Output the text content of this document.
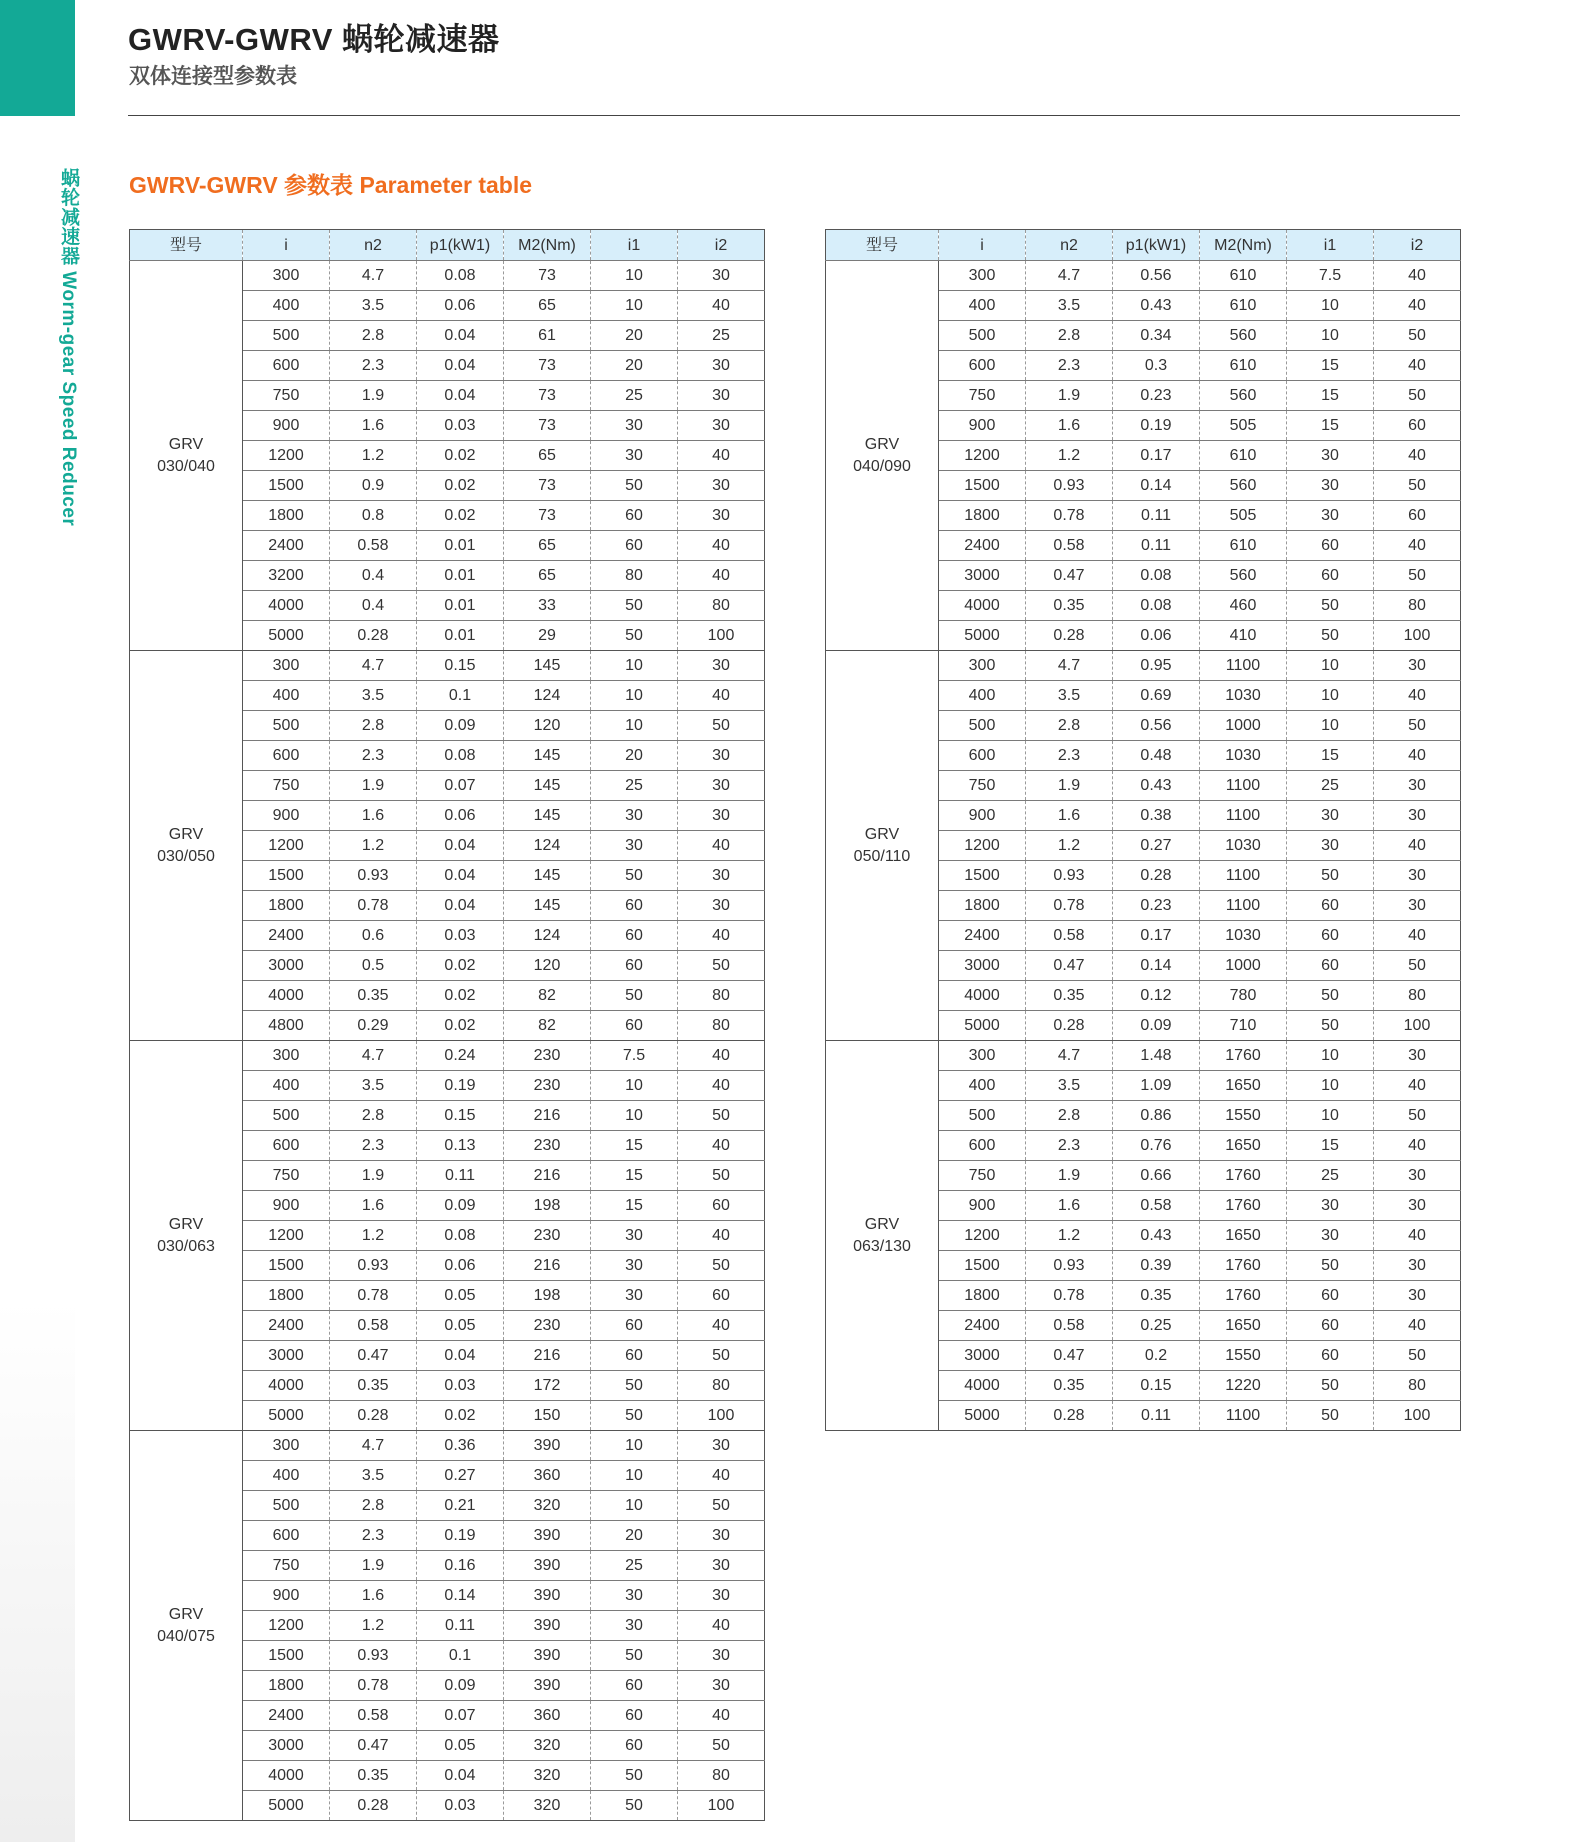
蜗轮减速器 Worm-gear Speed Reducer
GWRV-GWRV 蜗轮减速器
双体连接型参数表
GWRV-GWRV 参数表 Parameter table
型号	i	n2	p1(kW1)	M2(Nm)	i1	i2

GRV
030/040	300	4.7	0.08	73	10	30
	400	3.5	0.06	65	10	40
	500	2.8	0.04	61	20	25
	600	2.3	0.04	73	20	30
	750	1.9	0.04	73	25	30
	900	1.6	0.03	73	30	30
	1200	1.2	0.02	65	30	40
	1500	0.9	0.02	73	50	30
	1800	0.8	0.02	73	60	30
	2400	0.58	0.01	65	60	40
	3200	0.4	0.01	65	80	40
	4000	0.4	0.01	33	50	80
	5000	0.28	0.01	29	50	100

GRV
030/050	300	4.7	0.15	145	10	30
	400	3.5	0.1	124	10	40
	500	2.8	0.09	120	10	50
	600	2.3	0.08	145	20	30
	750	1.9	0.07	145	25	30
	900	1.6	0.06	145	30	30
	1200	1.2	0.04	124	30	40
	1500	0.93	0.04	145	50	30
	1800	0.78	0.04	145	60	30
	2400	0.6	0.03	124	60	40
	3000	0.5	0.02	120	60	50
	4000	0.35	0.02	82	50	80
	4800	0.29	0.02	82	60	80

GRV
030/063	300	4.7	0.24	230	7.5	40
	400	3.5	0.19	230	10	40
	500	2.8	0.15	216	10	50
	600	2.3	0.13	230	15	40
	750	1.9	0.11	216	15	50
	900	1.6	0.09	198	15	60
	1200	1.2	0.08	230	30	40
	1500	0.93	0.06	216	30	50
	1800	0.78	0.05	198	30	60
	2400	0.58	0.05	230	60	40
	3000	0.47	0.04	216	60	50
	4000	0.35	0.03	172	50	80
	5000	0.28	0.02	150	50	100

GRV
040/075	300	4.7	0.36	390	10	30
	400	3.5	0.27	360	10	40
	500	2.8	0.21	320	10	50
	600	2.3	0.19	390	20	30
	750	1.9	0.16	390	25	30
	900	1.6	0.14	390	30	30
	1200	1.2	0.11	390	30	40
	1500	0.93	0.1	390	50	30
	1800	0.78	0.09	390	60	30
	2400	0.58	0.07	360	60	40
	3000	0.47	0.05	320	60	50
	4000	0.35	0.04	320	50	80
	5000	0.28	0.03	320	50	100
型号	i	n2	p1(kW1)	M2(Nm)	i1	i2

GRV
040/090	300	4.7	0.56	610	7.5	40
	400	3.5	0.43	610	10	40
	500	2.8	0.34	560	10	50
	600	2.3	0.3	610	15	40
	750	1.9	0.23	560	15	50
	900	1.6	0.19	505	15	60
	1200	1.2	0.17	610	30	40
	1500	0.93	0.14	560	30	50
	1800	0.78	0.11	505	30	60
	2400	0.58	0.11	610	60	40
	3000	0.47	0.08	560	60	50
	4000	0.35	0.08	460	50	80
	5000	0.28	0.06	410	50	100

GRV
050/110	300	4.7	0.95	1100	10	30
	400	3.5	0.69	1030	10	40
	500	2.8	0.56	1000	10	50
	600	2.3	0.48	1030	15	40
	750	1.9	0.43	1100	25	30
	900	1.6	0.38	1100	30	30
	1200	1.2	0.27	1030	30	40
	1500	0.93	0.28	1100	50	30
	1800	0.78	0.23	1100	60	30
	2400	0.58	0.17	1030	60	40
	3000	0.47	0.14	1000	60	50
	4000	0.35	0.12	780	50	80
	5000	0.28	0.09	710	50	100

GRV
063/130	300	4.7	1.48	1760	10	30
	400	3.5	1.09	1650	10	40
	500	2.8	0.86	1550	10	50
	600	2.3	0.76	1650	15	40
	750	1.9	0.66	1760	25	30
	900	1.6	0.58	1760	30	30
	1200	1.2	0.43	1650	30	40
	1500	0.93	0.39	1760	50	30
	1800	0.78	0.35	1760	60	30
	2400	0.58	0.25	1650	60	40
	3000	0.47	0.2	1550	60	50
	4000	0.35	0.15	1220	50	80
	5000	0.28	0.11	1100	50	100
